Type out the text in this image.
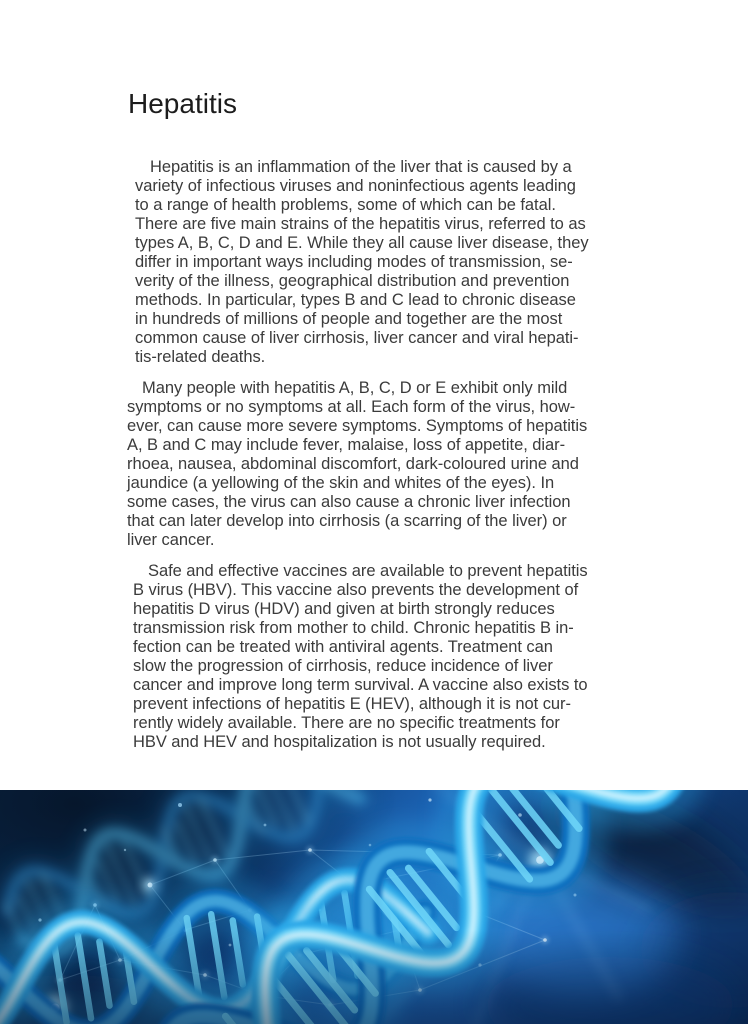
Hepatitis
Hepatitis is an inflammation of the liver that is caused by a
variety of infectious viruses and noninfectious agents leading
to a range of health problems, some of which can be fatal.
There are five main strains of the hepatitis virus, referred to as
types A, B, C, D and E. While they all cause liver disease, they
differ in important ways including modes of transmission, se-
verity of the illness, geographical distribution and prevention
methods. In particular, types B and C lead to chronic disease
in hundreds of millions of people and together are the most
common cause of liver cirrhosis, liver cancer and viral hepati-
tis-related deaths.
Many people with hepatitis A, B, C, D or E exhibit only mild
symptoms or no symptoms at all. Each form of the virus, how-
ever, can cause more severe symptoms. Symptoms of hepatitis
A, B and C may include fever, malaise, loss of appetite, diar-
rhoea, nausea, abdominal discomfort, dark-coloured urine and
jaundice (a yellowing of the skin and whites of the eyes). In
some cases, the virus can also cause a chronic liver infection
that can later develop into cirrhosis (a scarring of the liver) or
liver cancer.
Safe and effective vaccines are available to prevent hepatitis
B virus (HBV). This vaccine also prevents the development of
hepatitis D virus (HDV) and given at birth strongly reduces
transmission risk from mother to child. Chronic hepatitis B in-
fection can be treated with antiviral agents. Treatment can
slow the progression of cirrhosis, reduce incidence of liver
cancer and improve long term survival. A vaccine also exists to
prevent infections of hepatitis E (HEV), although it is not cur-
rently widely available. There are no specific treatments for
HBV and HEV and hospitalization is not usually required.
